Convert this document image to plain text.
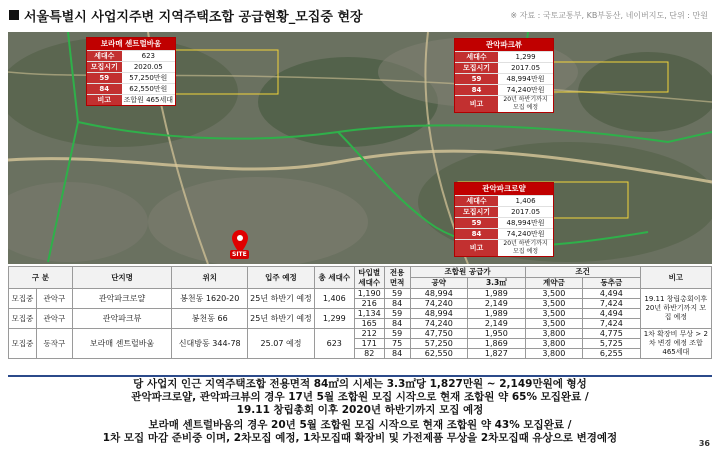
서울특별시 사업지주변 지역주택조합 공급현황_모집중 현장	※ 자료 : 국토교통부, KB부동산, 네이버지도, 단위 : 만원
보라매 센트럴바움
세대수	623
모집시기	2020.05
59	57,250만원
84	62,550만원
비고	조합원 465세대
관악파크뷰
세대수	1,299
모집시기	2017.05
59	48,994만원
84	74,240만원
비고	20년 하반기까지 모집 예정
관악파크로얄
세대수	1,406
모집시기	2017.05
59	48,994만원
84	74,240만원
비고	20년 하반기까지 모집 예정
SITE
구 분		단지명	위치	입주 예정	총 세대수	타입별 세대수	전용 면적	조합원 공급가		조건		비고
								공약	3.3㎡	계약금	동추금	
모집중	관악구	관악파크로얄	봉천동 1620-20	25년 하반기 예정	1,406	1,190	59	48,994	1,989	3,500	4,494	19.11 창립총회이후 20년 하반기까지 모집 예정
						216	84	74,240	2,149	3,500	7,424	
모집중	관악구	관악파크뷰	봉천동 66	25년 하반기 예정	1,299	1,134	59	48,994	1,989	3,500	4,494	
						165	84	74,240	2,149	3,500	7,424	
모집중	동작구	보라매 센트럴바움	신대방동 344-78	25.07 예정	623	212	59	47,750	1,950	3,800	4,775	1차 확장비 무상 > 2차 변경 예정 조합 465세대
						171	75	57,250	1,869	3,800	5,725	
						82	84	62,550	1,827	3,800	6,255	

당 사업지 인근 지역주택조합 전용면적 84㎡의 시세는 3.3㎡당 1,827만원 ~ 2,149만원에 형성

관악파크로얄, 관악파크뷰의 경우 17년 5월 조합원 모집 시작으로 현재 조합원 약 65% 모집완료 /

19.11 창립총회 이후 2020년 하반기까지 모집 예정

보라매 센트럴바움의 경우 20년 5월 조합원 모집 시작으로 현재 조합원 약 43% 모집완료 /

1차 모집 마감 준비중 이며, 2차모집 예정, 1차모집때 확장비 및 가전제품 무상을 2차모집때 유상으로 변경예정	36
